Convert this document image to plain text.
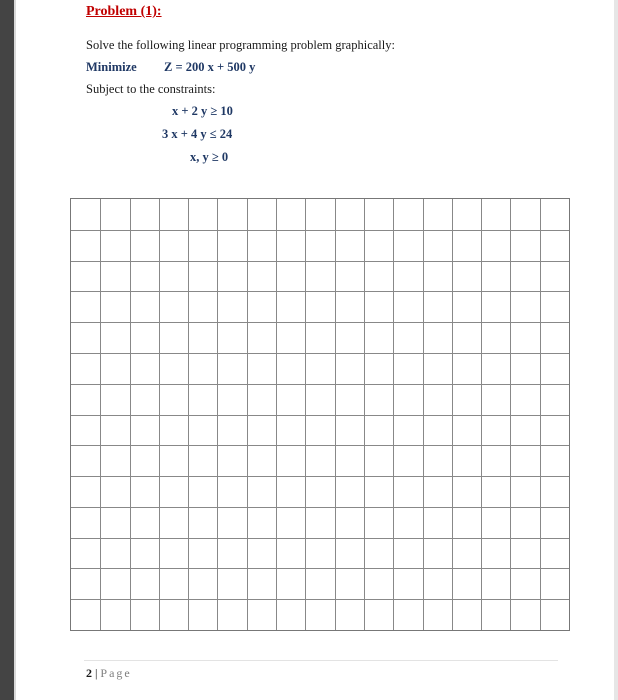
Problem (1):
Solve the following linear programming problem graphically:
Minimize Z = 200 x + 500 y
Subject to the constraints:
x + 2 y ≥ 10
3 x + 4 y ≤ 24
x, y ≥ 0
2 | Page
